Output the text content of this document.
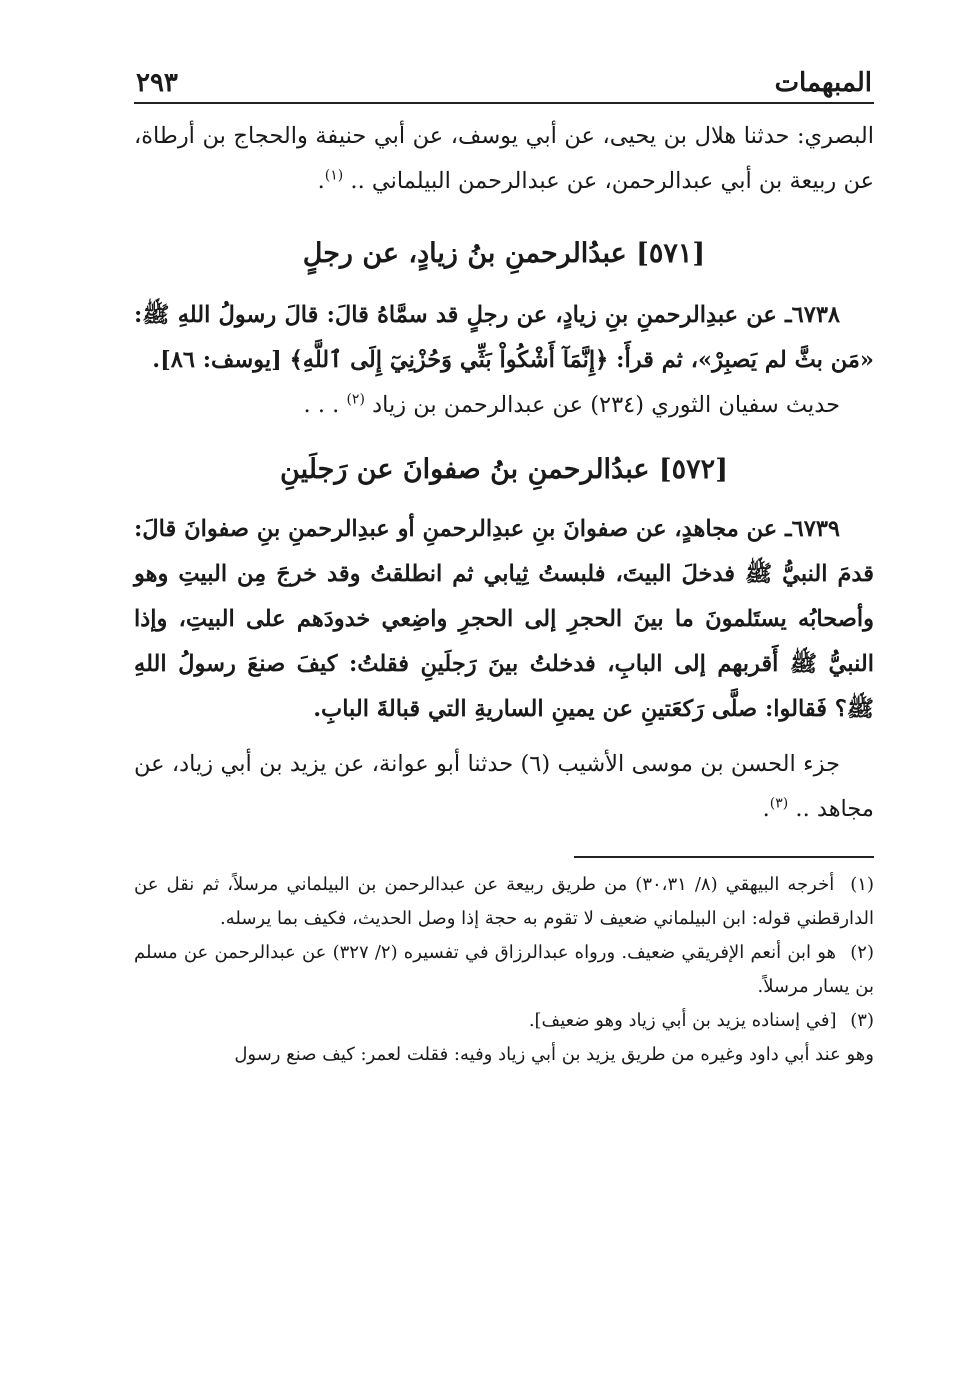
المبهمات
٢٩٣

البصري: حدثنا هلال بن يحيى، عن أبي يوسف، عن أبي حنيفة والحجاج بن أرطاة، عن ربيعة بن أبي عبدالرحمن، عن عبدالرحمن البيلماني .. $^{(١)}$.

[٥٧١] عبدُالرحمنِ بنُ زيادٍ، عن رجلٍ

٦٧٣٨ـ عن عبدِالرحمنِ بنِ زيادٍ، عن رجلٍ قد سمَّاهُ قالَ: قالَ رسولُ اللهِ ﷺ: «مَن بثَّ لم يَصبِرْ»، ثم قرأَ: ﴿إِنَّمَآ أَشْكُواْ بَثِّي وَحُزْنِيٓ إِلَى ٱللَّهِ﴾ [يوسف: ٨٦].

حديث سفيان الثوري (٢٣٤) عن عبدالرحمن بن زياد $^{(٢)}$ . . .

[٥٧٢] عبدُالرحمنِ بنُ صفوانَ عن رَجلَينِ

٦٧٣٩ـ عن مجاهدٍ، عن صفوانَ بنِ عبدِالرحمنِ أو عبدِالرحمنِ بنِ صفوانَ قالَ: قدمَ النبيُّ ﷺ فدخلَ البيتَ، فلبستُ ثِيابي ثم انطلقتُ وقد خرجَ مِن البيتِ وهو وأصحابُه يستَلمونَ ما بينَ الحجرِ إلى الحجرِ واضِعي خدودَهم على البيتِ، وإذا النبيُّ ﷺ أَقربهم إلى البابِ، فدخلتُ بينَ رَجلَينِ فقلتُ: كيفَ صنعَ رسولُ اللهِ ﷺ؟ فَقالوا: صلَّى رَكعَتينِ عن يمينِ الساريةِ التي قبالةَ البابِ.

جزء الحسن بن موسى الأشيب (٦) حدثنا أبو عوانة، عن يزيد بن أبي زياد، عن مجاهد .. $^{(٣)}$.

(١) أخرجه البيهقي (٨/ ٣٠،٣١) من طريق ربيعة عن عبدالرحمن بن البيلماني مرسلاً، ثم نقل عن الدارقطني قوله: ابن البيلماني ضعيف لا تقوم به حجة إذا وصل الحديث، فكيف بما يرسله.

(٢) هو ابن أنعم الإفريقي ضعيف. ورواه عبدالرزاق في تفسيره (٢/ ٣٢٧) عن عبدالرحمن عن مسلم بن يسار مرسلاً.

(٣) [في إسناده يزيد بن أبي زياد وهو ضعيف].

وهو عند أبي داود وغيره من طريق يزيد بن أبي زياد وفيه: فقلت لعمر: كيف صنع رسول
